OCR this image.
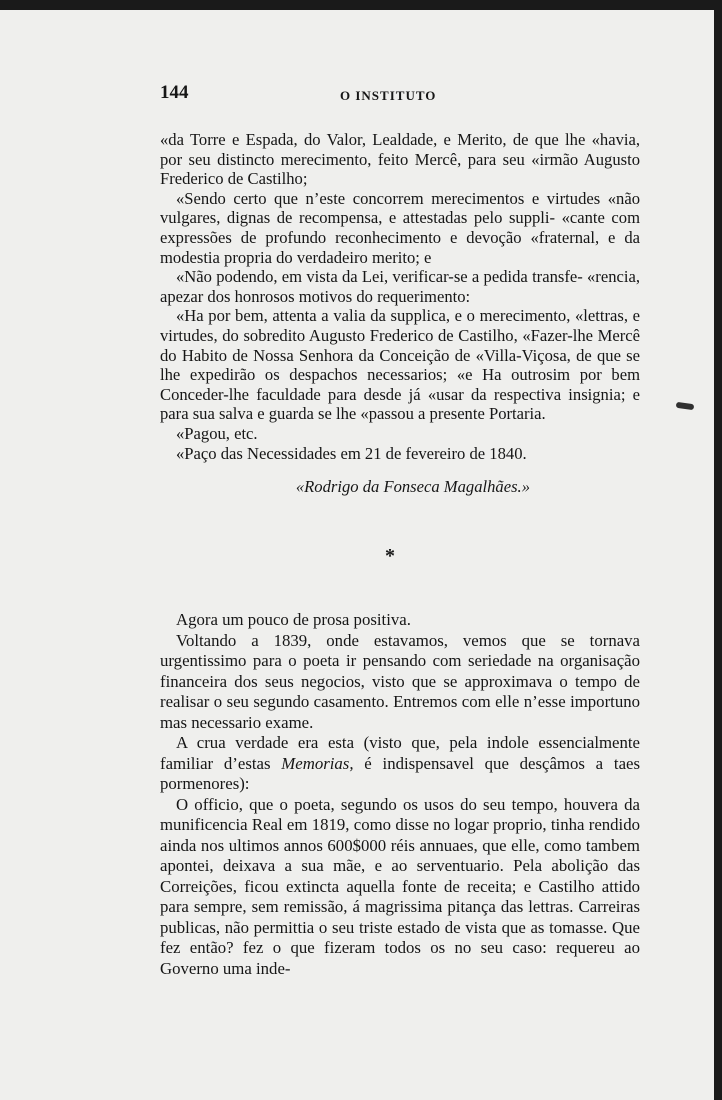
144	O INSTITUTO

«da Torre e Espada, do Valor, Lealdade, e Merito, de que lhe «havia, por seu distincto merecimento, feito Mercê, para seu «irmão Augusto Frederico de Castilho;

«Sendo certo que n’este concorrem merecimentos e virtudes «não vulgares, dignas de recompensa, e attestadas pelo suppli- «cante com expressões de profundo reconhecimento e devoção «fraternal, e da modestia propria do verdadeiro merito; e

«Não podendo, em vista da Lei, verificar-se a pedida transfe- «rencia, apezar dos honrosos motivos do requerimento:

«Ha por bem, attenta a valia da supplica, e o merecimento, «lettras, e virtudes, do sobredito Augusto Frederico de Castilho, «Fazer-lhe Mercê do Habito de Nossa Senhora da Conceição de «Villa-Viçosa, de que se lhe expedirão os despachos necessarios; «e Ha outrosim por bem Conceder-lhe faculdade para desde já «usar da respectiva insignia; e para sua salva e guarda se lhe «passou a presente Portaria.

«Pagou, etc.

«Paço das Necessidades em 21 de fevereiro de 1840.

«Rodrigo da Fonseca Magalhães.»
*

Agora um pouco de prosa positiva.

Voltando a 1839, onde estavamos, vemos que se tornava urgentissimo para o poeta ir pensando com seriedade na organisação financeira dos seus negocios, visto que se approximava o tempo de realisar o seu segundo casamento. Entremos com elle n’esse importuno mas necessario exame.

A crua verdade era esta (visto que, pela indole essencialmente familiar d’estas Memorias, é indispensavel que desçâmos a taes pormenores):

O officio, que o poeta, segundo os usos do seu tempo, houvera da munificencia Real em 1819, como disse no logar proprio, tinha rendido ainda nos ultimos annos 600$000 réis annuaes, que elle, como tambem apontei, deixava a sua mãe, e ao serventuario. Pela abolição das Correições, ficou extincta aquella fonte de receita; e Castilho attido para sempre, sem remissão, á magrissima pitança das lettras. Carreiras publicas, não permittia o seu triste estado de vista que as tomasse. Que fez então? fez o que fizeram todos os no seu caso: requereu ao Governo uma inde-
